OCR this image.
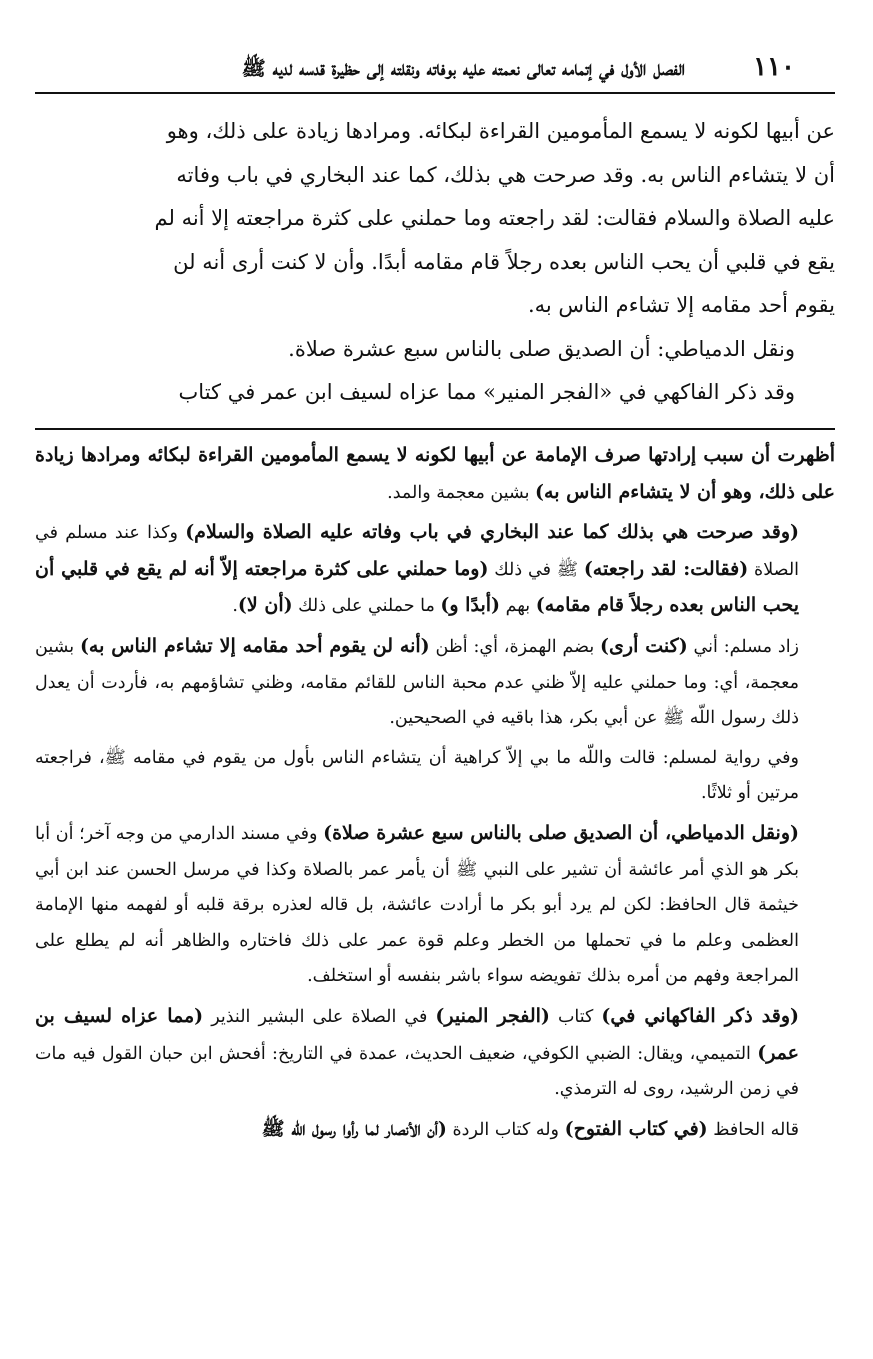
الفصل الأول في إتمامه تعالى نعمته عليه بوفاته ونقلته إلى حظيرة قدسه لديه ﷺ	١١٠

عن أبيها لكونه لا يسمع المأمومين القراءة لبكائه. ومرادها زيادة على ذلك، وهو

أن لا يتشاءم الناس به. وقد صرحت هي بذلك، كما عند البخاري في باب وفاته

عليه الصلاة والسلام فقالت: لقد راجعته وما حملني على كثرة مراجعته إلا أنه لم

يقع في قلبي أن يحب الناس بعده رجلاً قام مقامه أبدًا. وأن لا كنت أرى أنه لن

يقوم أحد مقامه إلا تشاءم الناس به.

ونقل الدمياطي: أن الصديق صلى بالناس سبع عشرة صلاة.

وقد ذكر الفاكهي في «الفجر المنير» مما عزاه لسيف ابن عمر في كتاب

أظهرت أن سبب إرادتها صرف الإمامة عن أبيها لكونه لا يسمع المأمومين القراءة لبكائه ومرادها زيادة على ذلك، وهو أن لا يتشاءم الناس به) بشين معجمة والمد.

(وقد صرحت هي بذلك كما عند البخاري في باب وفاته عليه الصلاة والسلام) وكذا عند مسلم في الصلاة (فقالت: لقد راجعته) ﷺ في ذلك (وما حملني على كثرة مراجعته إلاّ أنه لم يقع في قلبي أن يحب الناس بعده رجلاً قام مقامه) بهم (أبدًا و) ما حملني على ذلك (أن لا).

زاد مسلم: أني (كنت أرى) بضم الهمزة، أي: أظن (أنه لن يقوم أحد مقامه إلا تشاءم الناس به) بشين معجمة، أي: وما حملني عليه إلاّ ظني عدم محبة الناس للقائم مقامه، وظني تشاؤمهم به، فأردت أن يعدل ذلك رسول اللّه ﷺ عن أبي بكر، هذا باقيه في الصحيحين.

وفي رواية لمسلم: قالت واللّه ما بي إلاّ كراهية أن يتشاءم الناس بأول من يقوم في مقامه ﷺ، فراجعته مرتين أو ثلاثًا.

(ونقل الدمياطي، أن الصديق صلى بالناس سبع عشرة صلاة) وفي مسند الدارمي من وجه آخر؛ أن أبا بكر هو الذي أمر عائشة أن تشير على النبي ﷺ أن يأمر عمر بالصلاة وكذا في مرسل الحسن عند ابن أبي خيثمة قال الحافظ: لكن لم يرد أبو بكر ما أرادت عائشة، بل قاله لعذره برقة قلبه أو لفهمه منها الإمامة العظمى وعلم ما في تحملها من الخطر وعلم قوة عمر على ذلك فاختاره والظاهر أنه لم يطلع على المراجعة وفهم من أمره بذلك تفويضه سواء باشر بنفسه أو استخلف.

(وقد ذكر الفاكهاني في) كتاب (الفجر المنير) في الصلاة على البشير النذير (مما عزاه لسيف بن عمر) التميمي، ويقال: الضبي الكوفي، ضعيف الحديث، عمدة في التاريخ: أفحش ابن حبان القول فيه مات في زمن الرشيد، روى له الترمذي.

قاله الحافظ (في كتاب الفتوح) وله كتاب الردة (أن الأنصار لما رأوا رسول اللّه ﷺ
